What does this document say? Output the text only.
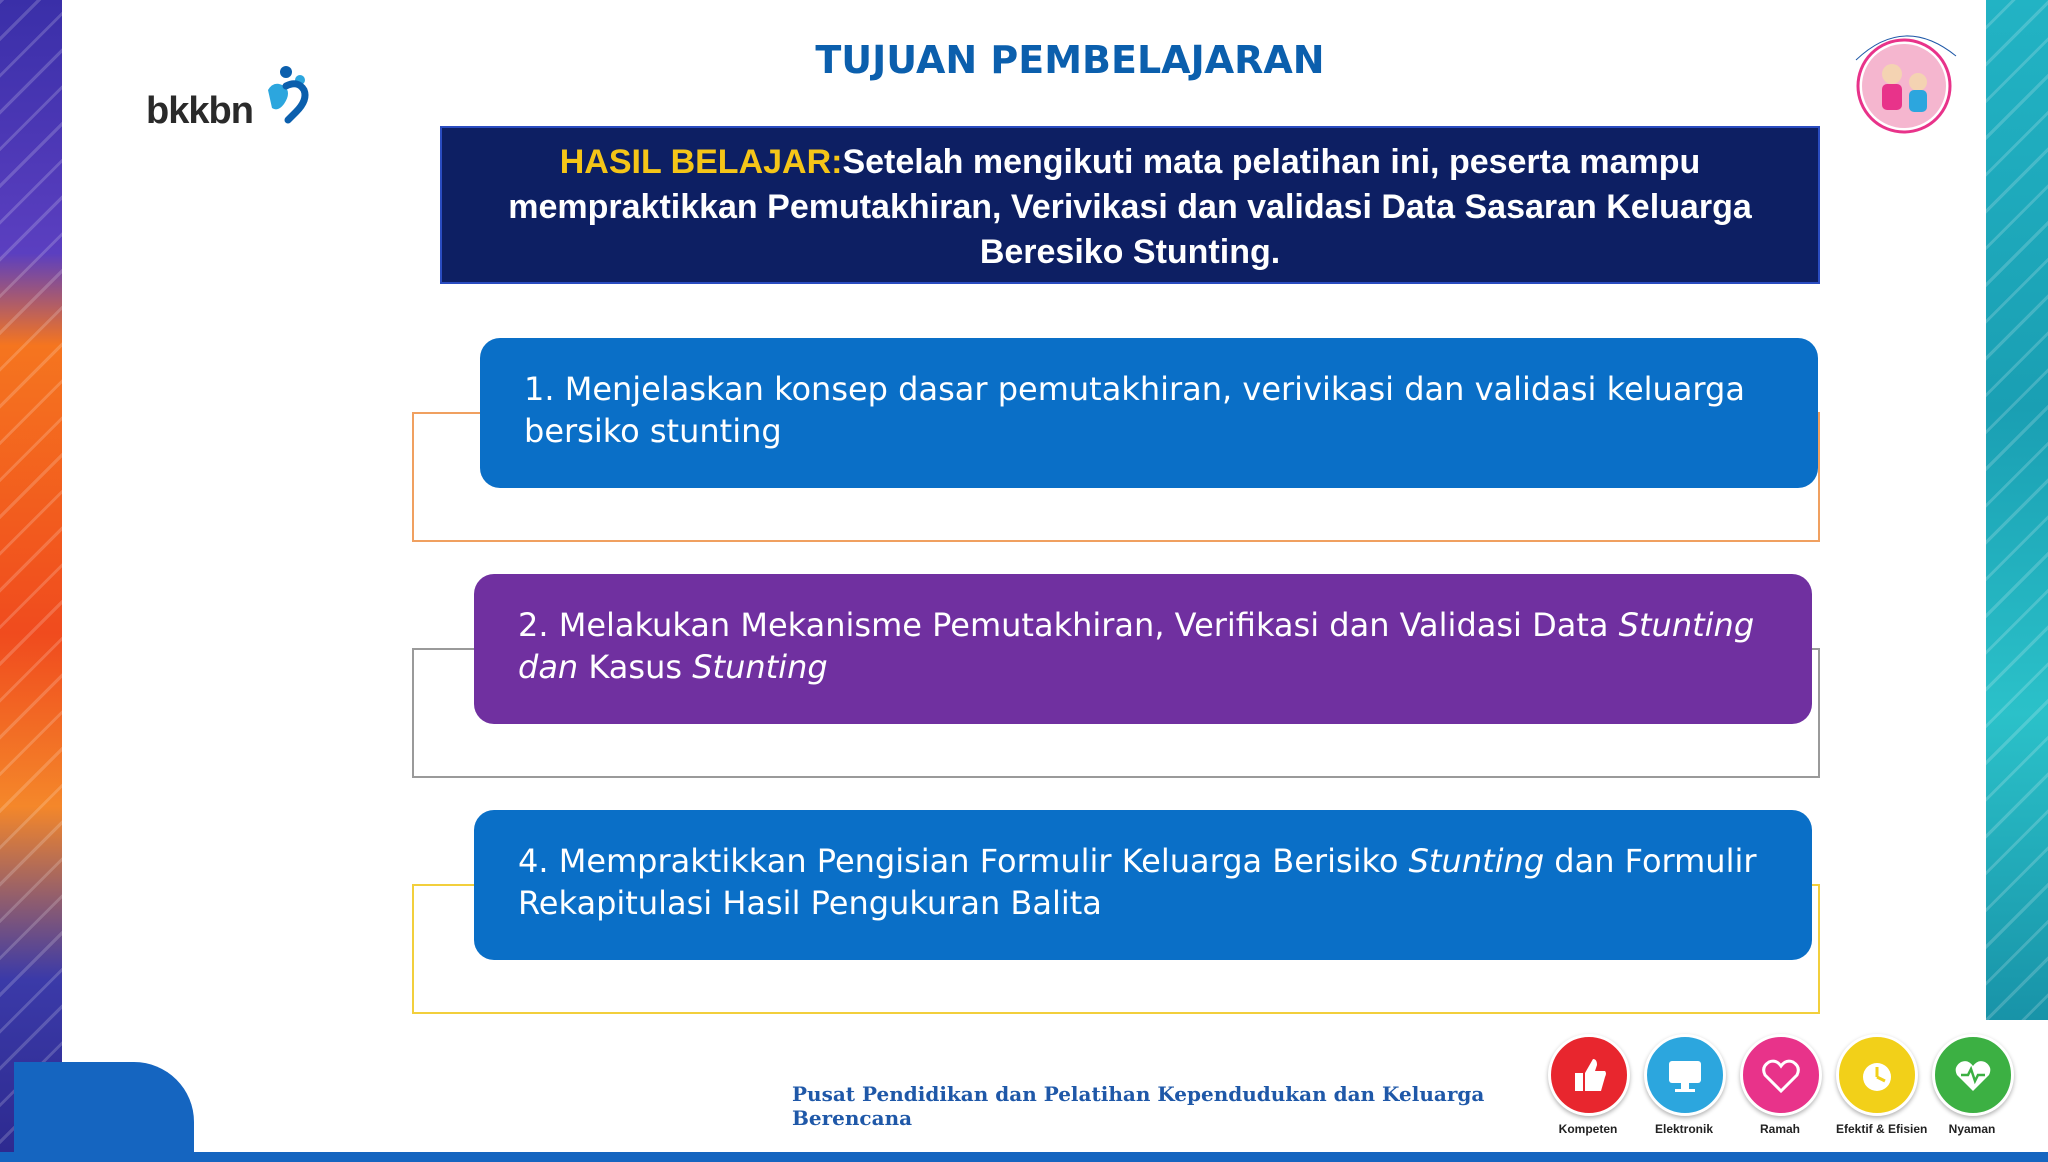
bkkbn
TUJUAN PEMBELAJARAN
HASIL BELAJAR:Setelah mengikuti mata pelatihan ini, peserta mampu mempraktikkan Pemutakhiran, Verivikasi dan validasi Data Sasaran Keluarga Beresiko Stunting.
1. Menjelaskan konsep dasar pemutakhiran, verivikasi dan validasi keluarga bersiko stunting
2. Melakukan Mekanisme Pemutakhiran, Verifikasi dan Validasi Data Stunting dan Kasus Stunting
4. Mempraktikkan Pengisian Formulir Keluarga Berisiko Stunting dan Formulir Rekapitulasi Hasil Pengukuran Balita
Pusat Pendidikan dan Pelatihan Kependudukan dan Keluarga Berencana	Kompeten	Elektronik	Ramah	Efektif & Efisien	Nyaman
